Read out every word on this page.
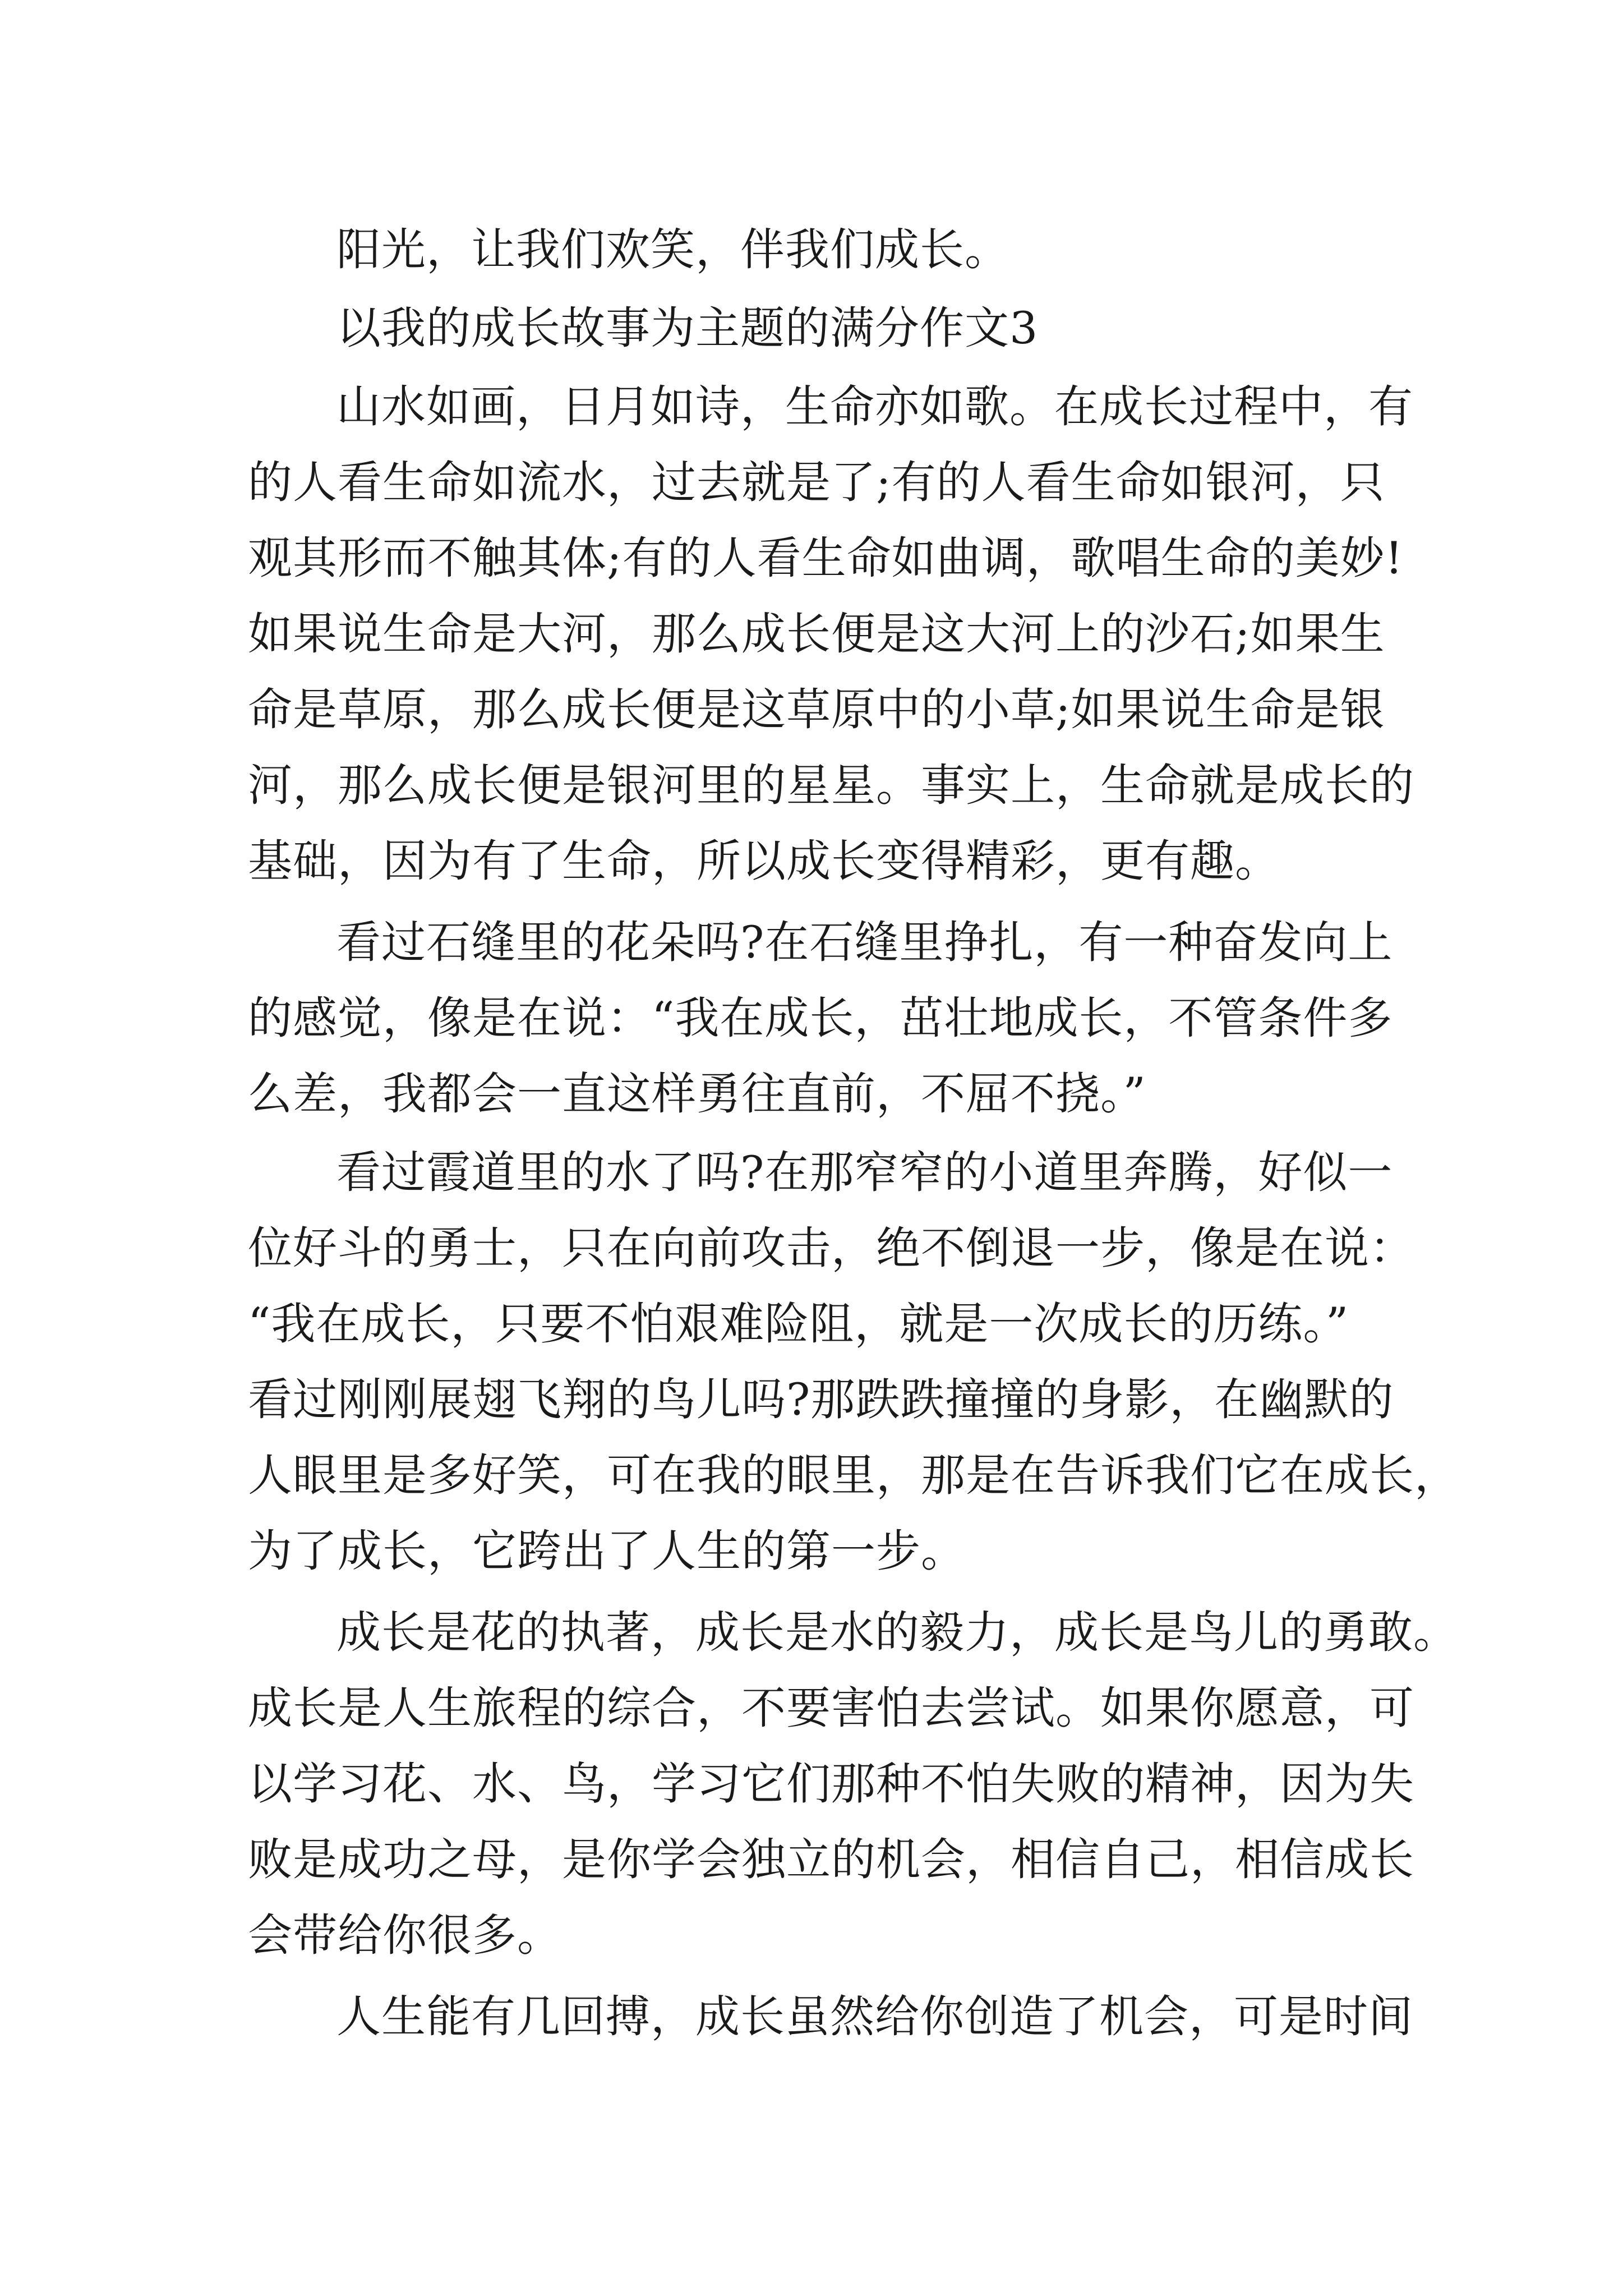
阳光，让我们欢笑，伴我们成长。
以我的成长故事为主题的满分作文3
山水如画，日月如诗，生命亦如歌。在成长过程中，有
的人看生命如流水，过去就是了;有的人看生命如银河，只
观其形而不触其体;有的人看生命如曲调，歌唱生命的美妙!
如果说生命是大河，那么成长便是这大河上的沙石;如果生
命是草原，那么成长便是这草原中的小草;如果说生命是银
河，那么成长便是银河里的星星。事实上，生命就是成长的
基础，因为有了生命，所以成长变得精彩，更有趣。
看过石缝里的花朵吗?在石缝里挣扎，有一种奋发向上
的感觉，像是在说：“我在成长，茁壮地成长，不管条件多
么差，我都会一直这样勇往直前，不屈不挠。”
看过霞道里的水了吗?在那窄窄的小道里奔腾，好似一
位好斗的勇士，只在向前攻击，绝不倒退一步，像是在说：
“我在成长，只要不怕艰难险阻，就是一次成长的历练。”
看过刚刚展翅飞翔的鸟儿吗?那跌跌撞撞的身影，在幽默的
人眼里是多好笑，可在我的眼里，那是在告诉我们它在成长，
为了成长，它跨出了人生的第一步。
成长是花的执著，成长是水的毅力，成长是鸟儿的勇敢。
成长是人生旅程的综合，不要害怕去尝试。如果你愿意，可
以学习花、水、鸟，学习它们那种不怕失败的精神，因为失
败是成功之母，是你学会独立的机会，相信自己，相信成长
会带给你很多。
人生能有几回搏，成长虽然给你创造了机会，可是时间
